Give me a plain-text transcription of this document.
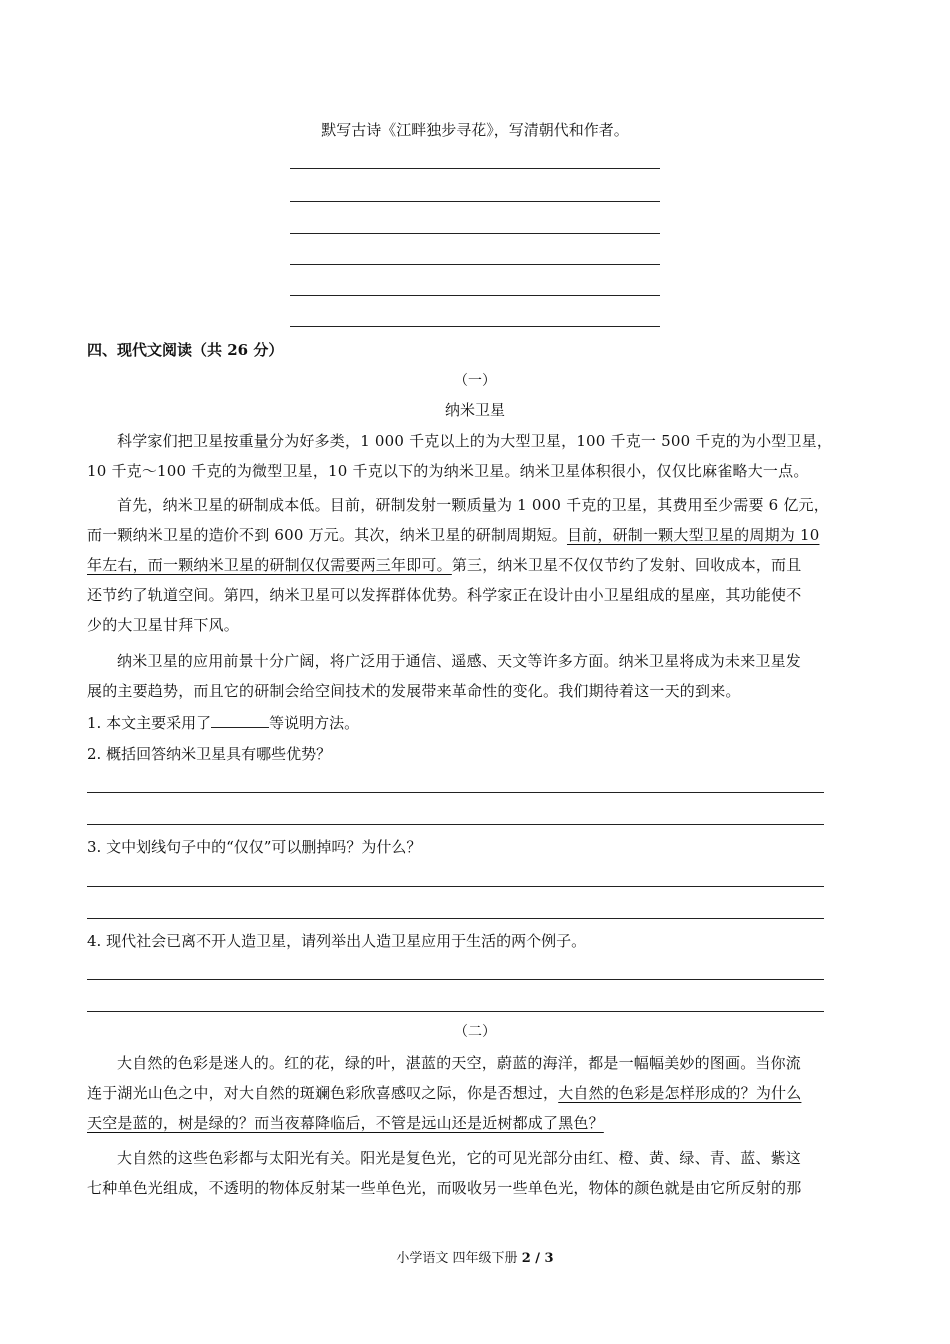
默写古诗《江畔独步寻花》，写清朝代和作者。
四、现代文阅读（共 26 分）
（一）
纳米卫星
科学家们把卫星按重量分为好多类，1 000 千克以上的为大型卫星，100 千克一 500 千克的为小型卫星，
10 千克～100 千克的为微型卫星，10 千克以下的为纳米卫星。纳米卫星体积很小，仅仅比麻雀略大一点。
首先，纳米卫星的研制成本低。目前，研制发射一颗质量为 1 000 千克的卫星，其费用至少需要 6 亿元，
而一颗纳米卫星的造价不到 600 万元。其次，纳米卫星的研制周期短。目前，研制一颗大型卫星的周期为 10
年左右，而一颗纳米卫星的研制仅仅需要两三年即可。第三，纳米卫星不仅仅节约了发射、回收成本，而且
还节约了轨道空间。第四，纳米卫星可以发挥群体优势。科学家正在设计由小卫星组成的星座，其功能使不
少的大卫星甘拜下风。
纳米卫星的应用前景十分广阔，将广泛用于通信、遥感、天文等许多方面。纳米卫星将成为未来卫星发
展的主要趋势，而且它的研制会给空间技术的发展带来革命性的变化。我们期待着这一天的到来。
1. 本文主要采用了	等说明方法。
2. 概括回答纳米卫星具有哪些优势？
3. 文中划线句子中的“仅仅”可以删掉吗？为什么？
4. 现代社会已离不开人造卫星，请列举出人造卫星应用于生活的两个例子。
（二）
大自然的色彩是迷人的。红的花，绿的叶，湛蓝的天空，蔚蓝的海洋，都是一幅幅美妙的图画。当你流
连于湖光山色之中，对大自然的斑斓色彩欣喜感叹之际，你是否想过，大自然的色彩是怎样形成的？为什么
天空是蓝的，树是绿的？而当夜幕降临后，不管是远山还是近树都成了黑色？
大自然的这些色彩都与太阳光有关。阳光是复色光，它的可见光部分由红、橙、黄、绿、青、蓝、紫这
七种单色光组成，不透明的物体反射某一些单色光，而吸收另一些单色光，物体的颜色就是由它所反射的那
小学语文 四年级下册 2 / 3
